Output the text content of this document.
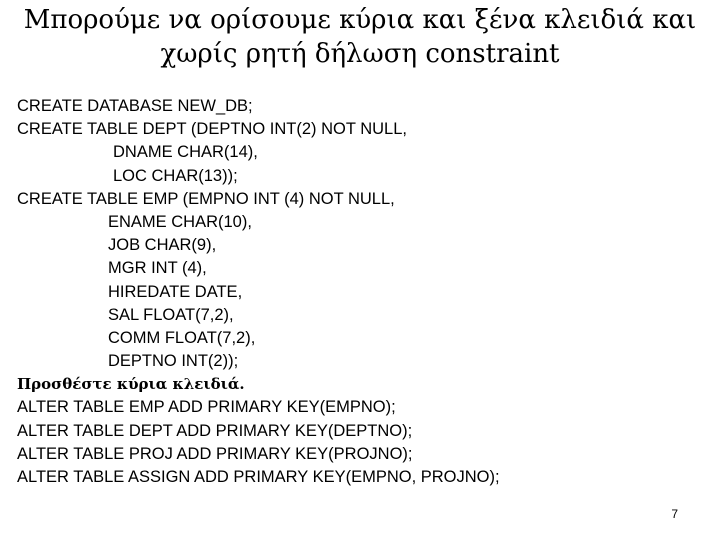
Μπορούμε να ορίσουμε κύρια και ξένα κλειδιά και
χωρίς ρητή δήλωση constraint
CREATE DATABASE NEW_DB;
CREATE TABLE DEPT (DEPTNO INT(2) NOT NULL,
DNAME CHAR(14),
LOC CHAR(13));
CREATE TABLE EMP (EMPNO INT (4) NOT NULL,
ENAME CHAR(10),
JOB CHAR(9),
MGR INT (4),
HIREDATE DATE,
SAL FLOAT(7,2),
COMM FLOAT(7,2),
DEPTNO INT(2));
Προσθέστε κύρια κλειδιά.
ALTER TABLE EMP ADD PRIMARY KEY(EMPNO);
ALTER TABLE DEPT ADD PRIMARY KEY(DEPTNO);
ALTER TABLE PROJ ADD PRIMARY KEY(PROJNO);
ALTER TABLE ASSIGN ADD PRIMARY KEY(EMPNO, PROJNO);
7
